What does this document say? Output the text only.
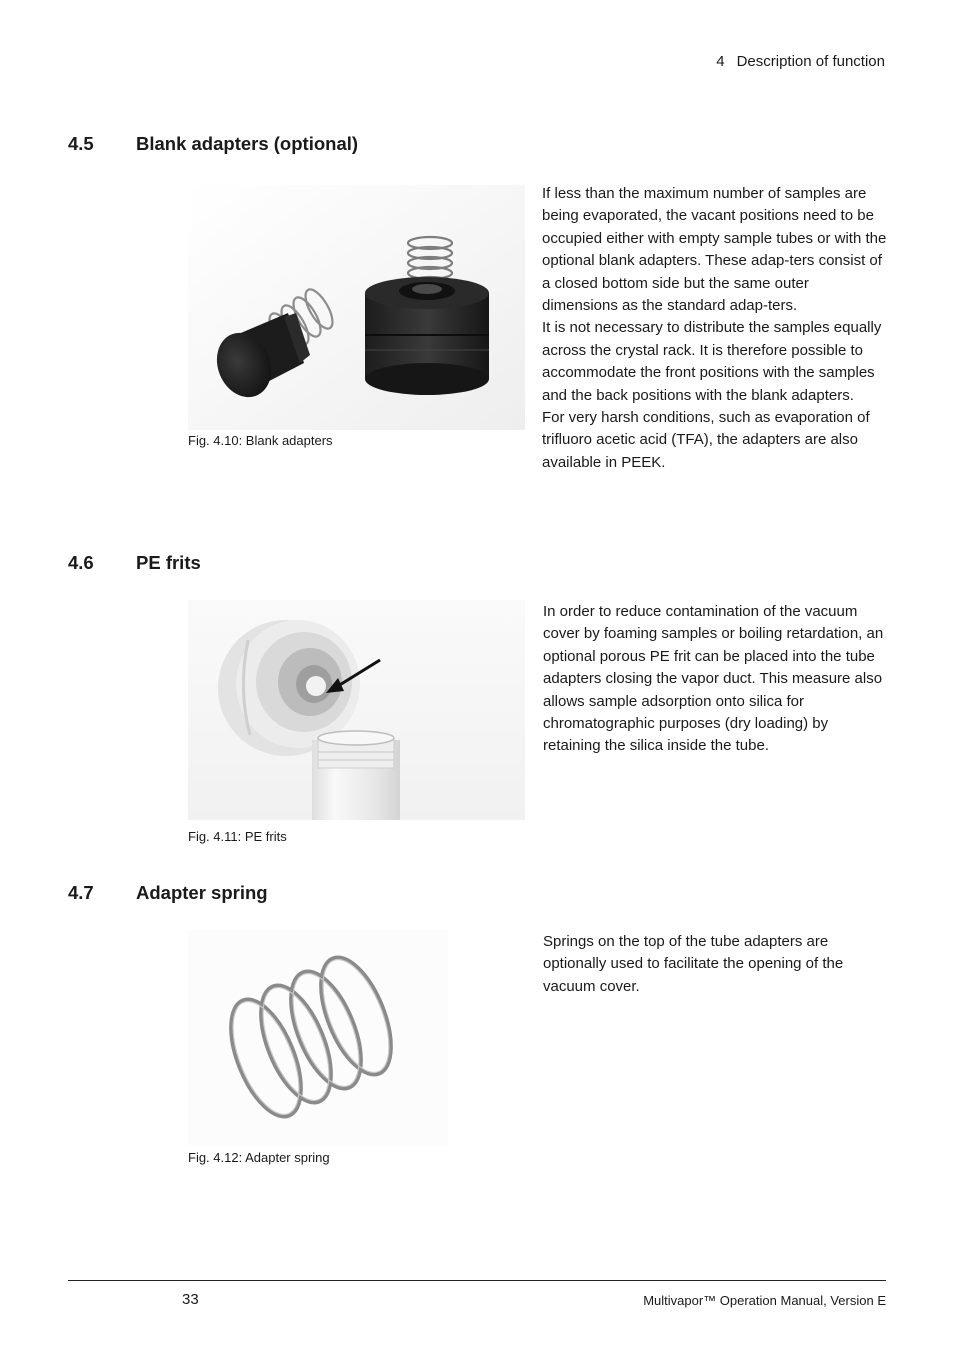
4 Description of function
4.5 Blank adapters (optional)
Fig. 4.10: Blank adapters

If less than the maximum number of samples are being evaporated, the vacant positions need to be occupied either with empty sample tubes or with the optional blank adapters. These adap-ters consist of a closed bottom side but the same outer dimensions as the standard adap-ters.

It is not necessary to distribute the samples equally across the crystal rack. It is therefore possible to accommodate the front positions with the samples and the back positions with the blank adapters.

For very harsh conditions, such as evaporation of trifluoro acetic acid (TFA), the adapters are also available in PEEK.

4.6 PE frits
Fig. 4.11: PE frits

In order to reduce contamination of the vacuum cover by foaming samples or boiling retardation, an optional porous PE frit can be placed into the tube adapters closing the vapor duct. This measure also allows sample adsorption onto silica for chromatographic purposes (dry loading) by retaining the silica inside the tube.

4.7 Adapter spring
Fig. 4.12: Adapter spring

Springs on the top of the tube adapters are optionally used to facilitate the opening of the vacuum cover.

33	Multivapor™ Operation Manual, Version E
